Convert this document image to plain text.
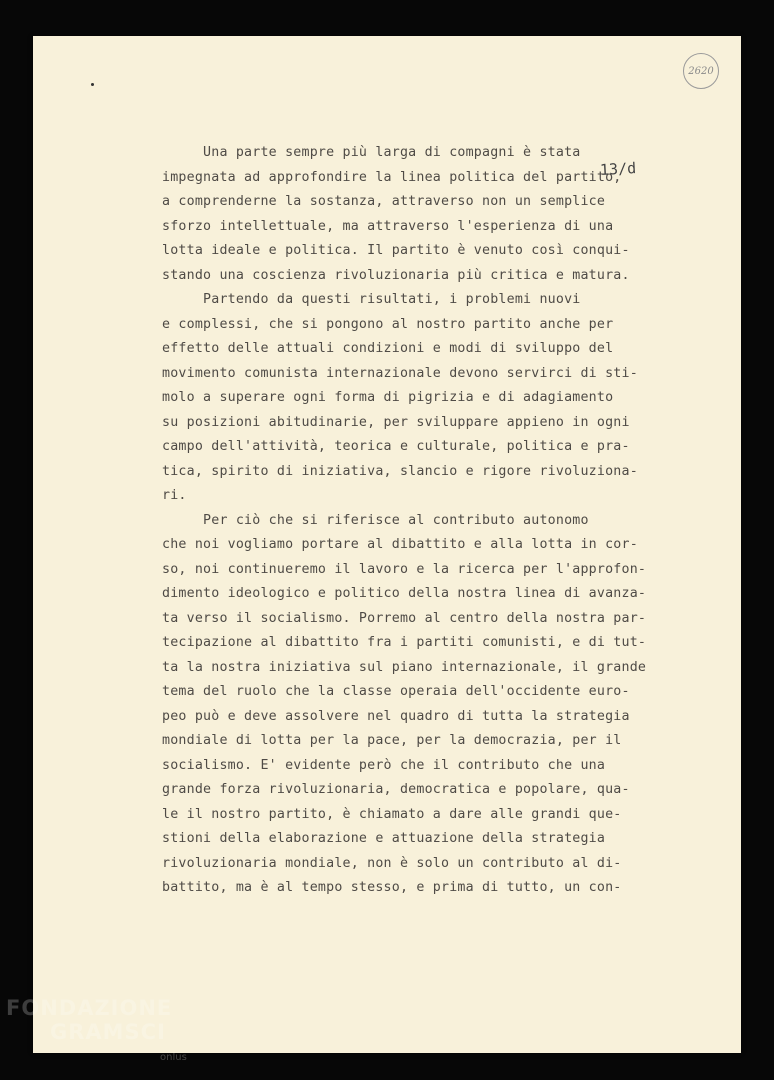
2620
13/d
Una parte sempre più larga di compagni è stata
impegnata ad approfondire la linea politica del partito,
a comprenderne la sostanza, attraverso non un semplice
sforzo intellettuale, ma attraverso l'esperienza di una
lotta ideale e politica. Il partito è venuto così conqui-
stando una coscienza rivoluzionaria più critica e matura.
Partendo da questi risultati, i problemi nuovi
e complessi, che si pongono al nostro partito anche per
effetto delle attuali condizioni e modi di sviluppo del
movimento comunista internazionale devono servirci di sti-
molo a superare ogni forma di pigrizia e di adagiamento
su posizioni abitudinarie, per sviluppare appieno in ogni
campo dell'attività, teorica e culturale, politica e pra-
tica, spirito di iniziativa, slancio e rigore rivoluziona-
ri.
Per ciò che si riferisce al contributo autonomo
che noi vogliamo portare al dibattito e alla lotta in cor-
so, noi continueremo il lavoro e la ricerca per l'approfon-
dimento ideologico e politico della nostra linea di avanza-
ta verso il socialismo. Porremo al centro della nostra par-
tecipazione al dibattito fra i partiti comunisti, e di tut-
ta la nostra iniziativa sul piano internazionale, il grande
tema del ruolo che la classe operaia dell'occidente euro-
peo può e deve assolvere nel quadro di tutta la strategia
mondiale di lotta per la pace, per la democrazia, per il
socialismo. E' evidente però che il contributo che una
grande forza rivoluzionaria, democratica e popolare, qua-
le il nostro partito, è chiamato a dare alle grandi que-
stioni della elaborazione e attuazione della strategia
rivoluzionaria mondiale, non è solo un contributo al di-
battito, ma è al tempo stesso, e prima di tutto, un con-
FONDAZIONE
GRAMSCI
onlus
